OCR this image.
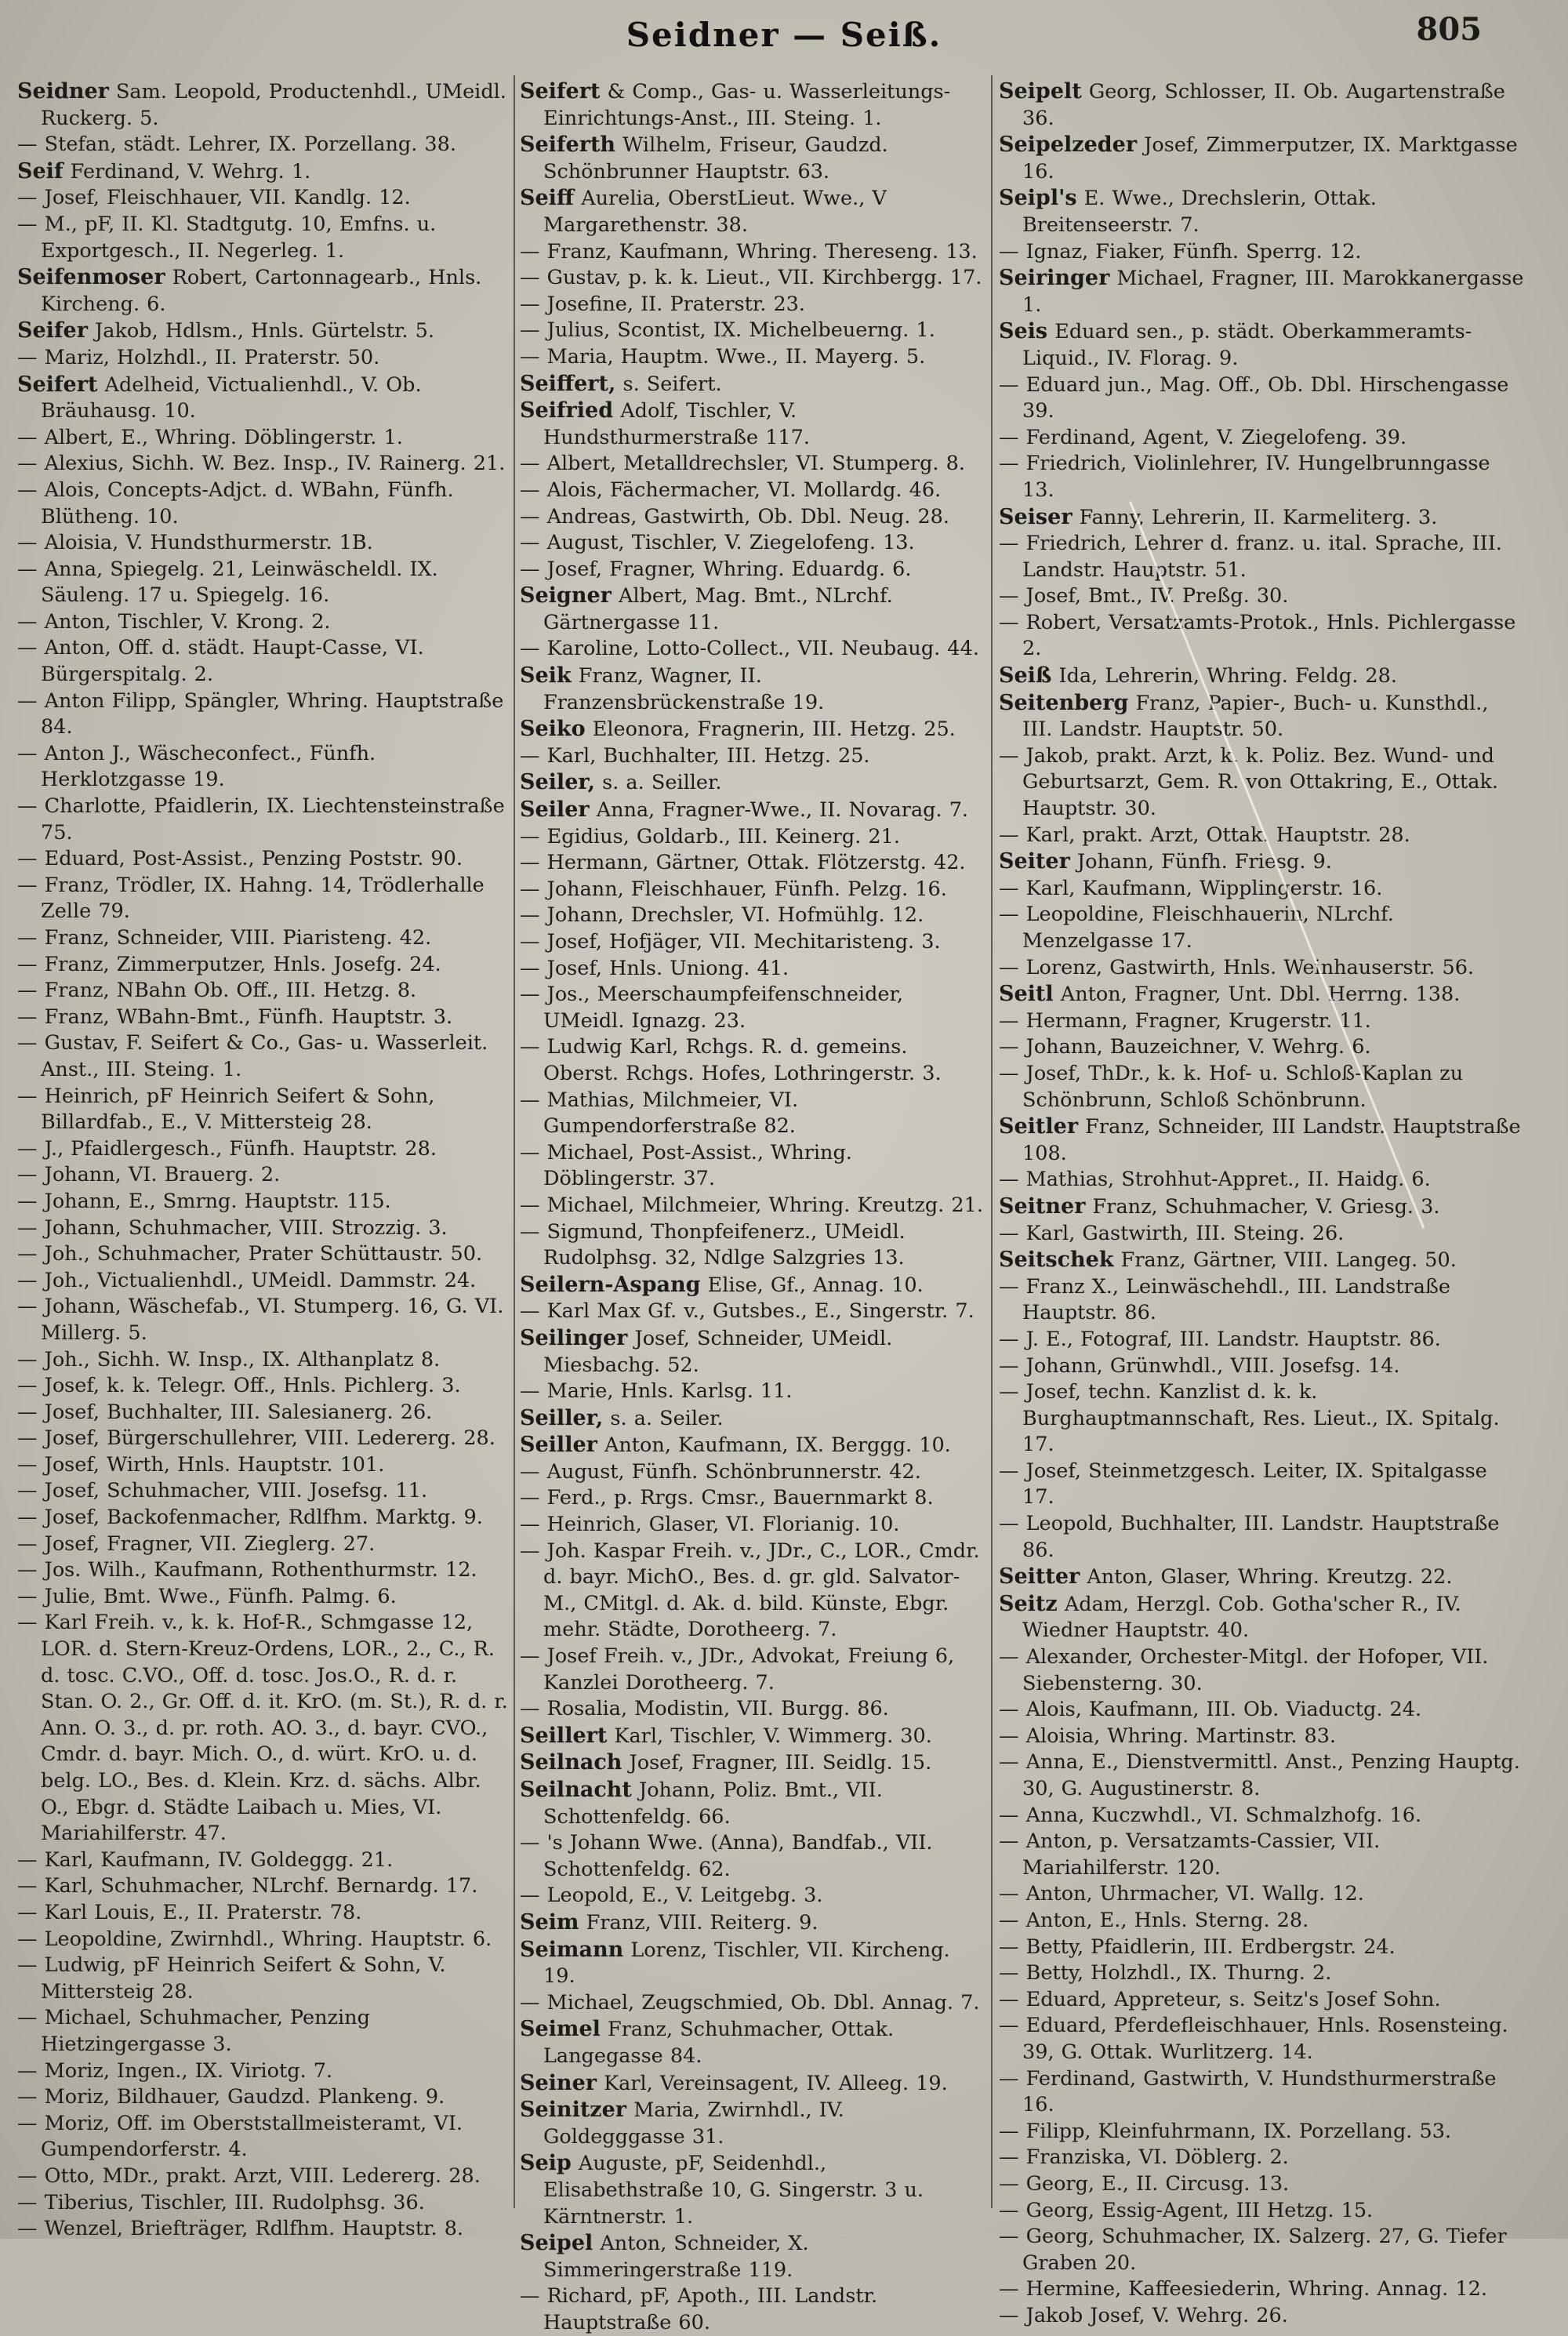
Seidner — Seiß.	805
Seidner Sam. Leopold, Productenhdl., UMeidl. Ruckerg. 5.
— Stefan, städt. Lehrer, IX. Porzellang. 38.
Seif Ferdinand, V. Wehrg. 1.
— Josef, Fleischhauer, VII. Kandlg. 12.
— M., pF, II. Kl. Stadtgutg. 10, Emfns. u. Exportgesch., II. Negerleg. 1.
Seifenmoser Robert, Cartonnagearb., Hnls. Kircheng. 6.
Seifer Jakob, Hdlsm., Hnls. Gürtelstr. 5.
— Mariz, Holzhdl., II. Praterstr. 50.
Seifert Adelheid, Victualienhdl., V. Ob. Bräuhausg. 10.
— Albert, E., Whring. Döblingerstr. 1.
— Alexius, Sichh. W. Bez. Insp., IV. Rainerg. 21.
— Alois, Concepts-Adjct. d. WBahn, Fünfh. Blütheng. 10.
— Aloisia, V. Hundsthurmerstr. 1B.
— Anna, Spiegelg. 21, Leinwäscheldl. IX. Säuleng. 17 u. Spiegelg. 16.
— Anton, Tischler, V. Krong. 2.
— Anton, Off. d. städt. Haupt-Casse, VI. Bürgerspitalg. 2.
— Anton Filipp, Spängler, Whring. Hauptstraße 84.
— Anton J., Wäscheconfect., Fünfh. Herklotzgasse 19.
— Charlotte, Pfaidlerin, IX. Liechtensteinstraße 75.
— Eduard, Post-Assist., Penzing Poststr. 90.
— Franz, Trödler, IX. Hahng. 14, Trödlerhalle Zelle 79.
— Franz, Schneider, VIII. Piaristeng. 42.
— Franz, Zimmerputzer, Hnls. Josefg. 24.
— Franz, NBahn Ob. Off., III. Hetzg. 8.
— Franz, WBahn-Bmt., Fünfh. Hauptstr. 3.
— Gustav, F. Seifert & Co., Gas- u. Wasserleit. Anst., III. Steing. 1.
— Heinrich, pF Heinrich Seifert & Sohn, Billardfab., E., V. Mittersteig 28.
— J., Pfaidlergesch., Fünfh. Hauptstr. 28.
— Johann, VI. Brauerg. 2.
— Johann, E., Smrng. Hauptstr. 115.
— Johann, Schuhmacher, VIII. Strozzig. 3.
— Joh., Schuhmacher, Prater Schüttaustr. 50.
— Joh., Victualienhdl., UMeidl. Dammstr. 24.
— Johann, Wäschefab., VI. Stumperg. 16, G. VI. Millerg. 5.
— Joh., Sichh. W. Insp., IX. Althanplatz 8.
— Josef, k. k. Telegr. Off., Hnls. Pichlerg. 3.
— Josef, Buchhalter, III. Salesianerg. 26.
— Josef, Bürgerschullehrer, VIII. Ledererg. 28.
— Josef, Wirth, Hnls. Hauptstr. 101.
— Josef, Schuhmacher, VIII. Josefsg. 11.
— Josef, Backofenmacher, Rdlfhm. Marktg. 9.
— Josef, Fragner, VII. Zieglerg. 27.
— Jos. Wilh., Kaufmann, Rothenthurmstr. 12.
— Julie, Bmt. Wwe., Fünfh. Palmg. 6.
— Karl Freih. v., k. k. Hof-R., Schmgasse 12, LOR. d. Stern-Kreuz-Ordens, LOR., 2., C., R. d. tosc. C.VO., Off. d. tosc. Jos.O., R. d. r. Stan. O. 2., Gr. Off. d. it. KrO. (m. St.), R. d. r. Ann. O. 3., d. pr. roth. AO. 3., d. bayr. CVO., Cmdr. d. bayr. Mich. O., d. würt. KrO. u. d. belg. LO., Bes. d. Klein. Krz. d. sächs. Albr. O., Ebgr. d. Städte Laibach u. Mies, VI. Mariahilferstr. 47.
— Karl, Kaufmann, IV. Goldeggg. 21.
— Karl, Schuhmacher, NLrchf. Bernardg. 17.
— Karl Louis, E., II. Praterstr. 78.
— Leopoldine, Zwirnhdl., Whring. Hauptstr. 6.
— Ludwig, pF Heinrich Seifert & Sohn, V. Mittersteig 28.
— Michael, Schuhmacher, Penzing Hietzingergasse 3.
— Moriz, Ingen., IX. Viriotg. 7.
— Moriz, Bildhauer, Gaudzd. Plankeng. 9.
— Moriz, Off. im Oberststallmeisteramt, VI. Gumpendorferstr. 4.
— Otto, MDr., prakt. Arzt, VIII. Ledererg. 28.
— Tiberius, Tischler, III. Rudolphsg. 36.
— Wenzel, Briefträger, Rdlfhm. Hauptstr. 8.
Seifert & Comp., Gas- u. Wasserleitungs-Einrichtungs-Anst., III. Steing. 1.
Seiferth Wilhelm, Friseur, Gaudzd. Schönbrunner Hauptstr. 63.
Seiff Aurelia, OberstLieut. Wwe., V Margarethenstr. 38.
— Franz, Kaufmann, Whring. Thereseng. 13.
— Gustav, p. k. k. Lieut., VII. Kirchbergg. 17.
— Josefine, II. Praterstr. 23.
— Julius, Scontist, IX. Michelbeuerng. 1.
— Maria, Hauptm. Wwe., II. Mayerg. 5.
Seiffert, s. Seifert.
Seifried Adolf, Tischler, V. Hundsthurmerstraße 117.
— Albert, Metalldrechsler, VI. Stumperg. 8.
— Alois, Fächermacher, VI. Mollardg. 46.
— Andreas, Gastwirth, Ob. Dbl. Neug. 28.
— August, Tischler, V. Ziegelofeng. 13.
— Josef, Fragner, Whring. Eduardg. 6.
Seigner Albert, Mag. Bmt., NLrchf. Gärtnergasse 11.
— Karoline, Lotto-Collect., VII. Neubaug. 44.
Seik Franz, Wagner, II. Franzensbrückenstraße 19.
Seiko Eleonora, Fragnerin, III. Hetzg. 25.
— Karl, Buchhalter, III. Hetzg. 25.
Seiler, s. a. Seiller.
Seiler Anna, Fragner-Wwe., II. Novarag. 7.
— Egidius, Goldarb., III. Keinerg. 21.
— Hermann, Gärtner, Ottak. Flötzerstg. 42.
— Johann, Fleischhauer, Fünfh. Pelzg. 16.
— Johann, Drechsler, VI. Hofmühlg. 12.
— Josef, Hofjäger, VII. Mechitaristeng. 3.
— Josef, Hnls. Uniong. 41.
— Jos., Meerschaumpfeifenschneider, UMeidl. Ignazg. 23.
— Ludwig Karl, Rchgs. R. d. gemeins. Oberst. Rchgs. Hofes, Lothringerstr. 3.
— Mathias, Milchmeier, VI. Gumpendorferstraße 82.
— Michael, Post-Assist., Whring. Döblingerstr. 37.
— Michael, Milchmeier, Whring. Kreutzg. 21.
— Sigmund, Thonpfeifenerz., UMeidl. Rudolphsg. 32, Ndlge Salzgries 13.
Seilern-Aspang Elise, Gf., Annag. 10.
— Karl Max Gf. v., Gutsbes., E., Singerstr. 7.
Seilinger Josef, Schneider, UMeidl. Miesbachg. 52.
— Marie, Hnls. Karlsg. 11.
Seiller, s. a. Seiler.
Seiller Anton, Kaufmann, IX. Berggg. 10.
— August, Fünfh. Schönbrunnerstr. 42.
— Ferd., p. Rrgs. Cmsr., Bauernmarkt 8.
— Heinrich, Glaser, VI. Florianig. 10.
— Joh. Kaspar Freih. v., JDr., C., LOR., Cmdr. d. bayr. MichO., Bes. d. gr. gld. Salvator-M., CMitgl. d. Ak. d. bild. Künste, Ebgr. mehr. Städte, Dorotheerg. 7.
— Josef Freih. v., JDr., Advokat, Freiung 6, Kanzlei Dorotheerg. 7.
— Rosalia, Modistin, VII. Burgg. 86.
Seillert Karl, Tischler, V. Wimmerg. 30.
Seilnach Josef, Fragner, III. Seidlg. 15.
Seilnacht Johann, Poliz. Bmt., VII. Schottenfeldg. 66.
— 's Johann Wwe. (Anna), Bandfab., VII. Schottenfeldg. 62.
— Leopold, E., V. Leitgebg. 3.
Seim Franz, VIII. Reiterg. 9.
Seimann Lorenz, Tischler, VII. Kircheng. 19.
— Michael, Zeugschmied, Ob. Dbl. Annag. 7.
Seimel Franz, Schuhmacher, Ottak. Langegasse 84.
Seiner Karl, Vereinsagent, IV. Alleeg. 19.
Seinitzer Maria, Zwirnhdl., IV. Goldegggasse 31.
Seip Auguste, pF, Seidenhdl., Elisabethstraße 10, G. Singerstr. 3 u. Kärntnerstr. 1.
Seipel Anton, Schneider, X. Simmeringerstraße 119.
— Richard, pF, Apoth., III. Landstr. Hauptstraße 60.
Seipelt Georg, Schlosser, II. Ob. Augartenstraße 36.
Seipelzeder Josef, Zimmerputzer, IX. Marktgasse 16.
Seipl's E. Wwe., Drechslerin, Ottak. Breitenseerstr. 7.
— Ignaz, Fiaker, Fünfh. Sperrg. 12.
Seiringer Michael, Fragner, III. Marokkanergasse 1.
Seis Eduard sen., p. städt. Oberkammeramts-Liquid., IV. Florag. 9.
— Eduard jun., Mag. Off., Ob. Dbl. Hirschengasse 39.
— Ferdinand, Agent, V. Ziegelofeng. 39.
— Friedrich, Violinlehrer, IV. Hungelbrunngasse 13.
Seiser Fanny, Lehrerin, II. Karmeliterg. 3.
— Friedrich, Lehrer d. franz. u. ital. Sprache, III. Landstr. Hauptstr. 51.
— Josef, Bmt., IV. Preßg. 30.
— Robert, Versatzamts-Protok., Hnls. Pichlergasse 2.
Seiß Ida, Lehrerin, Whring. Feldg. 28.
Seitenberg Franz, Papier-, Buch- u. Kunsthdl., III. Landstr. Hauptstr. 50.
— Jakob, prakt. Arzt, k. k. Poliz. Bez. Wund- und Geburtsarzt, Gem. R. von Ottakring, E., Ottak. Hauptstr. 30.
— Karl, prakt. Arzt, Ottak. Hauptstr. 28.
Seiter Johann, Fünfh. Friesg. 9.
— Karl, Kaufmann, Wipplingerstr. 16.
— Leopoldine, Fleischhauerin, NLrchf. Menzelgasse 17.
— Lorenz, Gastwirth, Hnls. Weinhauserstr. 56.
Seitl Anton, Fragner, Unt. Dbl. Herrng. 138.
— Hermann, Fragner, Krugerstr. 11.
— Johann, Bauzeichner, V. Wehrg. 6.
— Josef, ThDr., k. k. Hof- u. Schloß-Kaplan zu Schönbrunn, Schloß Schönbrunn.
Seitler Franz, Schneider, III Landstr. Hauptstraße 108.
— Mathias, Strohhut-Appret., II. Haidg. 6.
Seitner Franz, Schuhmacher, V. Griesg. 3.
— Karl, Gastwirth, III. Steing. 26.
Seitschek Franz, Gärtner, VIII. Langeg. 50.
— Franz X., Leinwäschehdl., III. Landstraße Hauptstr. 86.
— J. E., Fotograf, III. Landstr. Hauptstr. 86.
— Johann, Grünwhdl., VIII. Josefsg. 14.
— Josef, techn. Kanzlist d. k. k. Burghauptmannschaft, Res. Lieut., IX. Spitalg. 17.
— Josef, Steinmetzgesch. Leiter, IX. Spitalgasse 17.
— Leopold, Buchhalter, III. Landstr. Hauptstraße 86.
Seitter Anton, Glaser, Whring. Kreutzg. 22.
Seitz Adam, Herzgl. Cob. Gotha'scher R., IV. Wiedner Hauptstr. 40.
— Alexander, Orchester-Mitgl. der Hofoper, VII. Siebensterng. 30.
— Alois, Kaufmann, III. Ob. Viaductg. 24.
— Aloisia, Whring. Martinstr. 83.
— Anna, E., Dienstvermittl. Anst., Penzing Hauptg. 30, G. Augustinerstr. 8.
— Anna, Kuczwhdl., VI. Schmalzhofg. 16.
— Anton, p. Versatzamts-Cassier, VII. Mariahilferstr. 120.
— Anton, Uhrmacher, VI. Wallg. 12.
— Anton, E., Hnls. Sterng. 28.
— Betty, Pfaidlerin, III. Erdbergstr. 24.
— Betty, Holzhdl., IX. Thurng. 2.
— Eduard, Appreteur, s. Seitz's Josef Sohn.
— Eduard, Pferdefleischhauer, Hnls. Rosensteing. 39, G. Ottak. Wurlitzerg. 14.
— Ferdinand, Gastwirth, V. Hundsthurmerstraße 16.
— Filipp, Kleinfuhrmann, IX. Porzellang. 53.
— Franziska, VI. Döblerg. 2.
— Georg, E., II. Circusg. 13.
— Georg, Essig-Agent, III Hetzg. 15.
— Georg, Schuhmacher, IX. Salzerg. 27, G. Tiefer Graben 20.
— Hermine, Kaffeesiederin, Whring. Annag. 12.
— Jakob Josef, V. Wehrg. 26.
